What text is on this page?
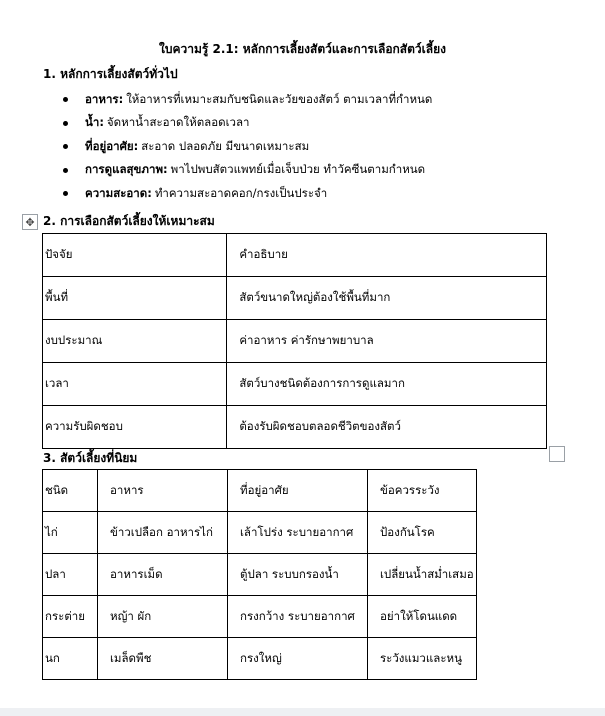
ใบความรู้ 2.1: หลักการเลี้ยงสัตว์และการเลือกสัตว์เลี้ยง
1. หลักการเลี้ยงสัตว์ทั่วไป
อาหาร: ให้อาหารที่เหมาะสมกับชนิดและวัยของสัตว์ ตามเวลาที่กำหนด
น้ำ: จัดหาน้ำสะอาดให้ตลอดเวลา
ที่อยู่อาศัย: สะอาด ปลอดภัย มีขนาดเหมาะสม
การดูแลสุขภาพ: พาไปพบสัตวแพทย์เมื่อเจ็บป่วย ทำวัคซีนตามกำหนด
ความสะอาด: ทำความสะอาดคอก/กรงเป็นประจำ
✥ 2. การเลือกสัตว์เลี้ยงให้เหมาะสม
ปัจจัย	คำอธิบาย
พื้นที่	สัตว์ขนาดใหญ่ต้องใช้พื้นที่มาก
งบประมาณ	ค่าอาหาร ค่ารักษาพยาบาล
เวลา	สัตว์บางชนิดต้องการการดูแลมาก
ความรับผิดชอบ	ต้องรับผิดชอบตลอดชีวิตของสัตว์
3. สัตว์เลี้ยงที่นิยม
ชนิด	อาหาร	ที่อยู่อาศัย	ข้อควรระวัง
ไก่	ข้าวเปลือก อาหารไก่	เล้าโปร่ง ระบายอากาศ	ป้องกันโรค
ปลา	อาหารเม็ด	ตู้ปลา ระบบกรองน้ำ	เปลี่ยนน้ำสม่ำเสมอ
กระต่าย	หญ้า ผัก	กรงกว้าง ระบายอากาศ	อย่าให้โดนแดด
นก	เมล็ดพืช	กรงใหญ่	ระวังแมวและหนู
